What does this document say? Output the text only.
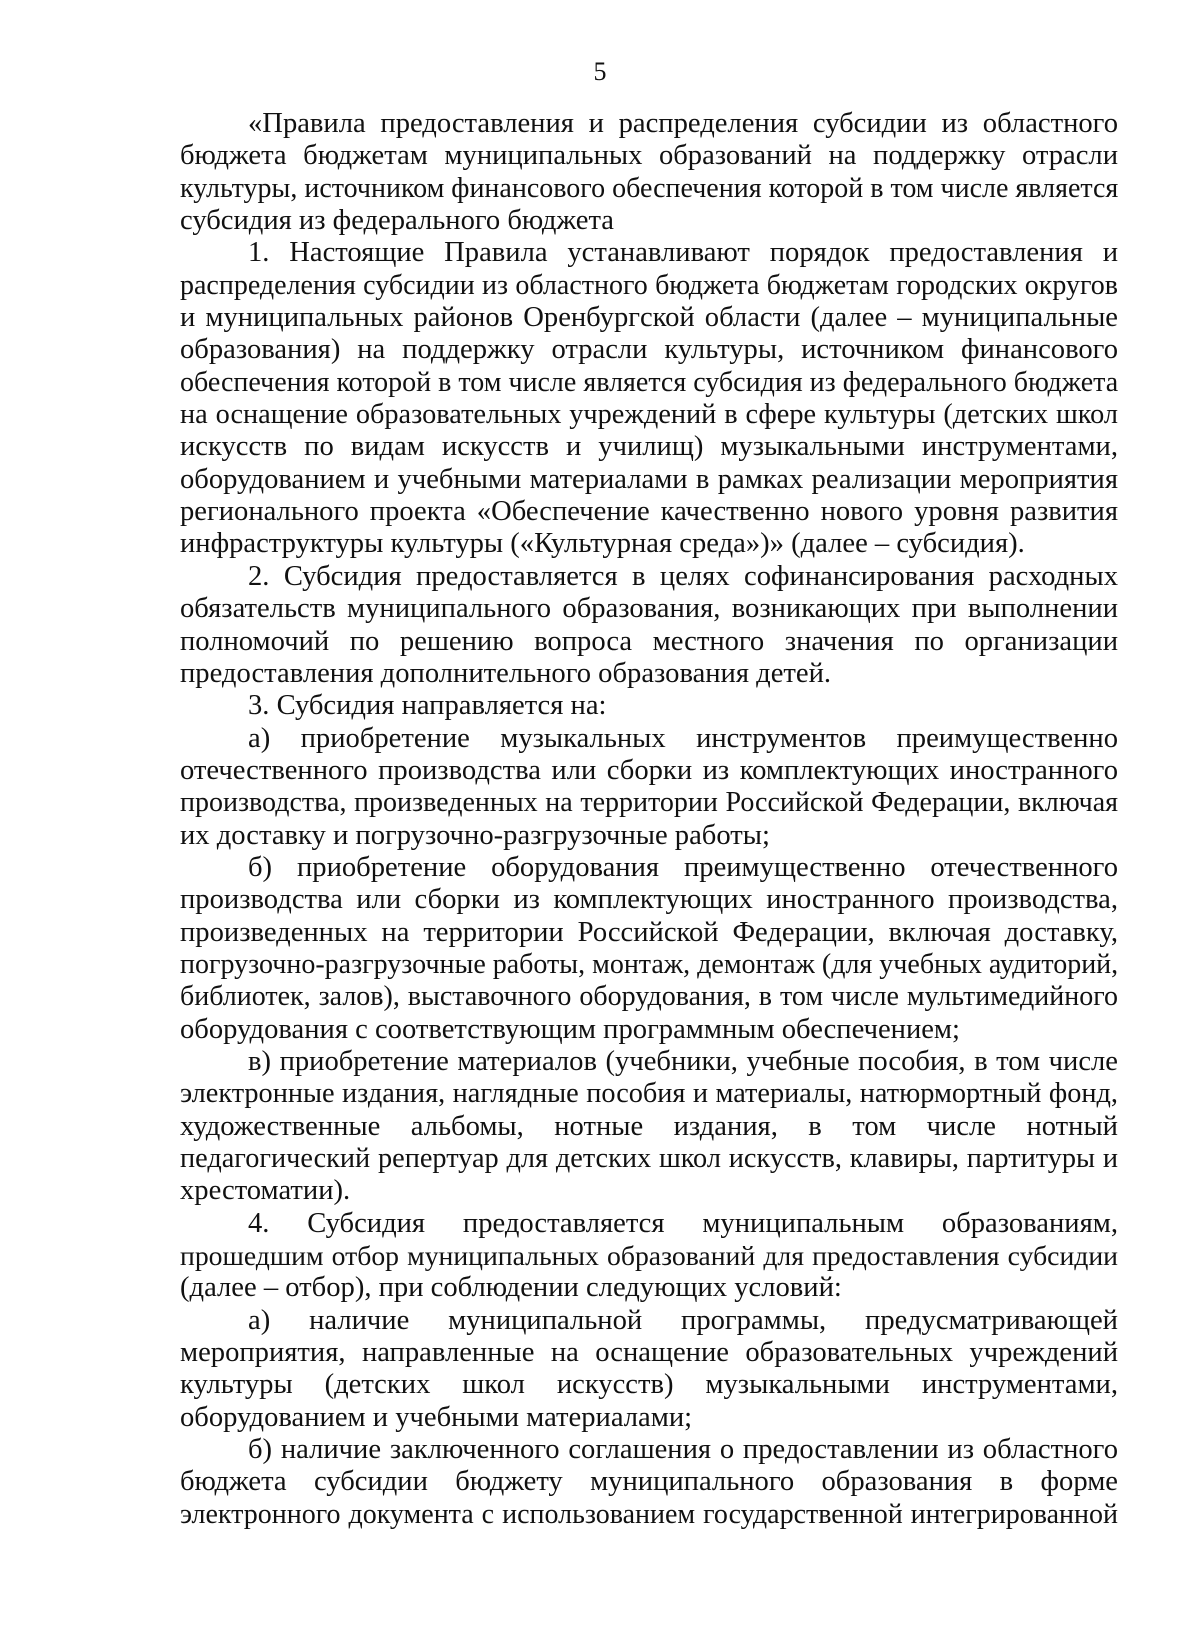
5
«Правила предоставления и распределения субсидии из областного
бюджета бюджетам муниципальных образований на поддержку отрасли
культуры, источником финансового обеспечения которой в том числе является
субсидия из федерального бюджета
1. Настоящие Правила устанавливают порядок предоставления и
распределения субсидии из областного бюджета бюджетам городских округов
и муниципальных районов Оренбургской области (далее – муниципальные
образования) на поддержку отрасли культуры, источником финансового
обеспечения которой в том числе является субсидия из федерального бюджета
на оснащение образовательных учреждений в сфере культуры (детских школ
искусств по видам искусств и училищ) музыкальными инструментами,
оборудованием и учебными материалами в рамках реализации мероприятия
регионального проекта «Обеспечение качественно нового уровня развития
инфраструктуры культуры («Культурная среда»)» (далее – субсидия).
2. Субсидия предоставляется в целях софинансирования расходных
обязательств муниципального образования, возникающих при выполнении
полномочий по решению вопроса местного значения по организации
предоставления дополнительного образования детей.
3. Субсидия направляется на:
а) приобретение музыкальных инструментов преимущественно
отечественного производства или сборки из комплектующих иностранного
производства, произведенных на территории Российской Федерации, включая
их доставку и погрузочно-разгрузочные работы;
б) приобретение оборудования преимущественно отечественного
производства или сборки из комплектующих иностранного производства,
произведенных на территории Российской Федерации, включая доставку,
погрузочно-разгрузочные работы, монтаж, демонтаж (для учебных аудиторий,
библиотек, залов), выставочного оборудования, в том числе мультимедийного
оборудования с соответствующим программным обеспечением;
в) приобретение материалов (учебники, учебные пособия, в том числе
электронные издания, наглядные пособия и материалы, натюрмортный фонд,
художественные альбомы, нотные издания, в том числе нотный
педагогический репертуар для детских школ искусств, клавиры, партитуры и
хрестоматии).
4. Субсидия предоставляется муниципальным образованиям,
прошедшим отбор муниципальных образований для предоставления субсидии
(далее – отбор), при соблюдении следующих условий:
а) наличие муниципальной программы, предусматривающей
мероприятия, направленные на оснащение образовательных учреждений
культуры (детских школ искусств) музыкальными инструментами,
оборудованием и учебными материалами;
б) наличие заключенного соглашения о предоставлении из областного
бюджета субсидии бюджету муниципального образования в форме
электронного документа с использованием государственной интегрированной
